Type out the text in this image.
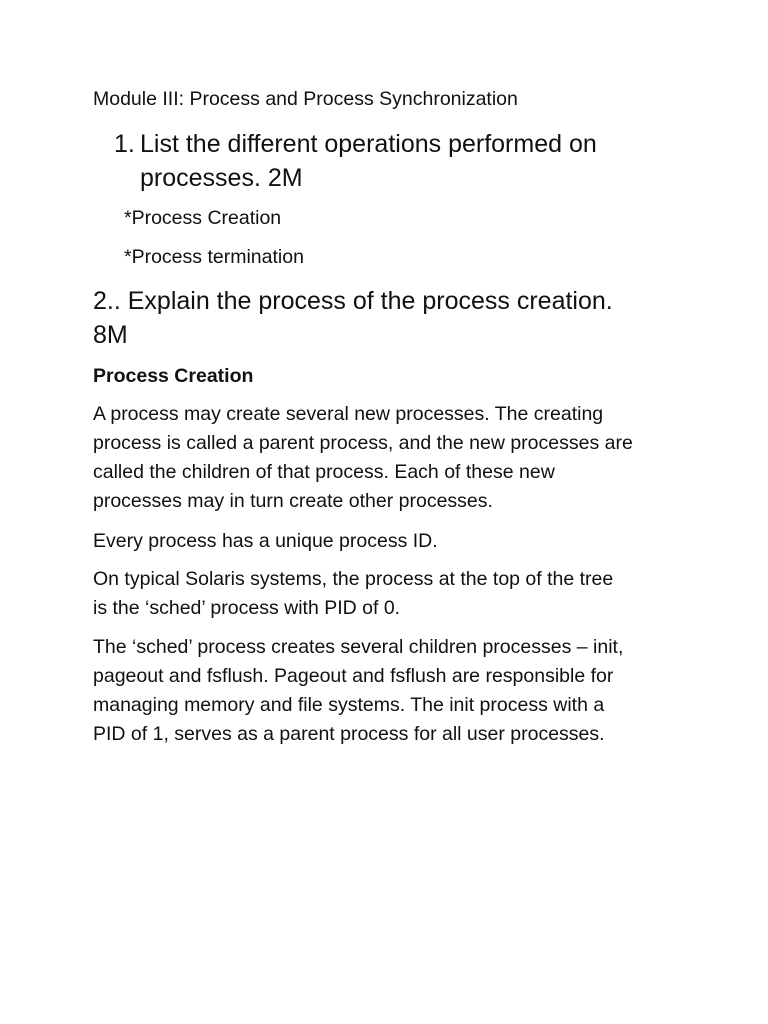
Module III: Process and Process Synchronization

1. List the different operations performed on

processes. 2M

*Process Creation

*Process termination

2.. Explain the process of the process creation.

8M

Process Creation

A process may create several new processes. The creating
process is called a parent process, and the new processes are
called the children of that process. Each of these new
processes may in turn create other processes.
Every process has a unique process ID.
On typical Solaris systems, the process at the top of the tree
is the ‘sched’ process with PID of 0.
The ‘sched’ process creates several children processes – init,
pageout and fsflush. Pageout and fsflush are responsible for
managing memory and file systems. The init process with a
PID of 1, serves as a parent process for all user processes.
